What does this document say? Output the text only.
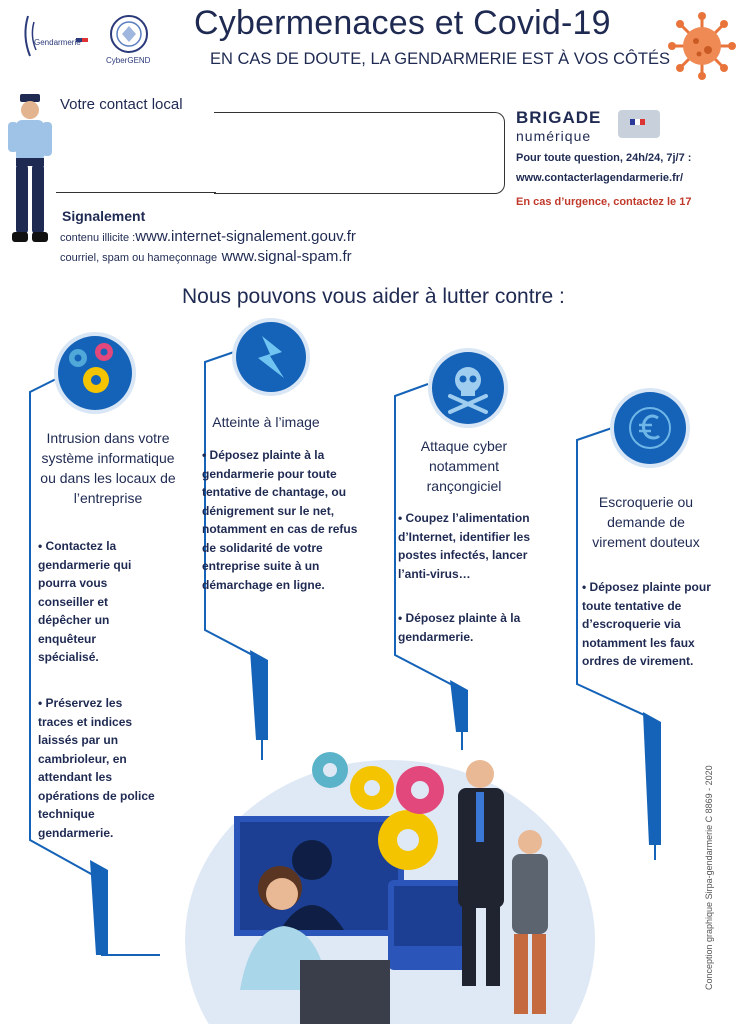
Gendarmerie
CyberGEND
Cybermenaces et Covid-19
EN CAS DE DOUTE, LA GENDARMERIE EST À VOS CÔTÉS
Votre contact local
BRIGADE
numérique
Pour toute question, 24h/24, 7j/7 :
www.contacterlagendarmerie.fr/
En cas d’urgence, contactez le 17
Signalement
contenu illicite :www.internet-signalement.gouv.fr
courriel, spam ou hameçonnage www.signal-spam.fr
Nous pouvons vous aider à lutter contre :
Intrusion dans votre système informatique ou dans les locaux de l’entreprise
• Contactez la gendarmerie qui pourra vous conseiller et dépêcher un enquêteur spécialisé.
• Préservez les traces et indices laissés par un cambrioleur, en attendant les opérations de police technique gendarmerie.
Atteinte à l’image
• Déposez plainte à la gendarmerie pour toute tentative de chantage, ou dénigrement sur le net, notamment en cas de refus de solidarité de votre entreprise suite à un démarchage en ligne.
Attaque cyber notamment rançongiciel
• Coupez l’alimentation d’Internet, identifier les postes infectés, lancer l’anti-virus…
• Déposez plainte à la gendarmerie.
Escroquerie ou demande de virement douteux
• Déposez plainte pour toute tentative de d’escroquerie via notamment les faux ordres de virement.
Conception graphique Sirpa-gendarmerie C 8869 - 2020
